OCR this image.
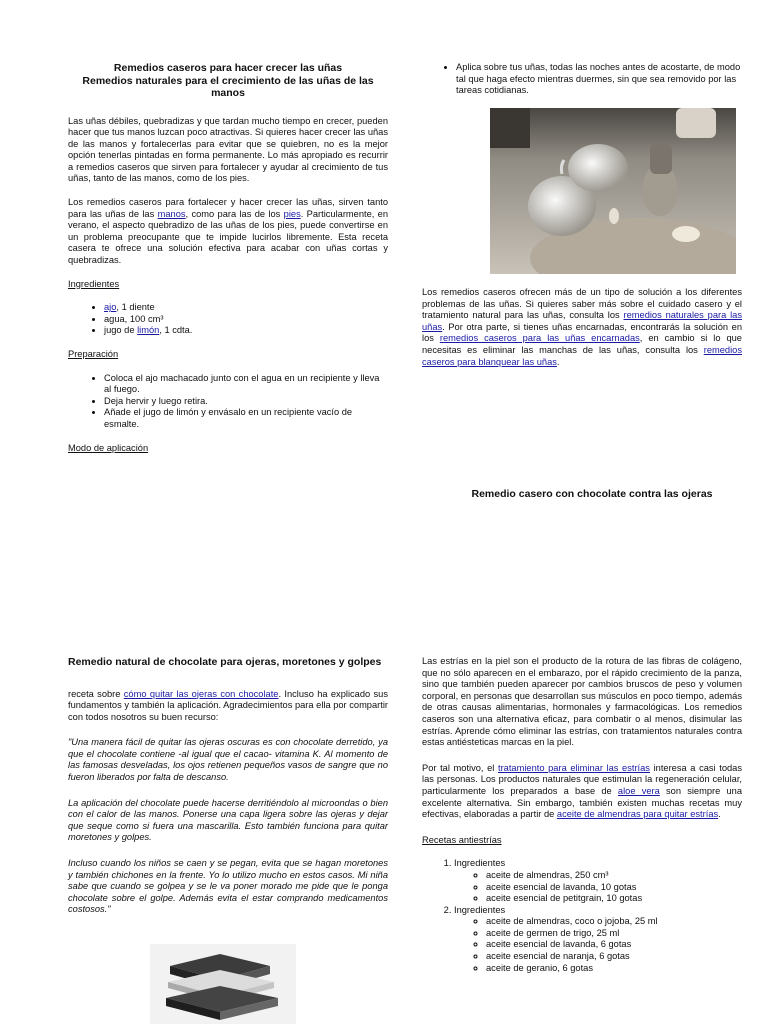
Remedios caseros para hacer crecer las uñas
Remedios naturales para el crecimiento de las uñas de las manos

Las uñas débiles, quebradizas y que tardan mucho tiempo en crecer, pueden hacer que tus manos luzcan poco atractivas. Si quieres hacer crecer las uñas de las manos y fortalecerlas para evitar que se quiebren, no es la mejor opción tenerlas pintadas en forma permanente. Lo más apropiado es recurrir a remedios caseros que sirven para fortalecer y ayudar al crecimiento de tus uñas, tanto de las manos, como de los pies.

Los remedios caseros para fortalecer y hacer crecer las uñas, sirven tanto para las uñas de las manos, como para las de los pies. Particularmente, en verano, el aspecto quebradizo de las uñas de los pies, puede convertirse en un problema preocupante que te impide lucirlos libremente. Esta receta casera te ofrece una solución efectiva para acabar con uñas cortas y quebradizas.

Ingredientes

• ajo, 1 diente
• agua, 100 cm³
• jugo de limón, 1 cdta.

Preparación

• Coloca el ajo machacado junto con el agua en un recipiente y lleva al fuego.
• Deja hervir y luego retira.
• Añade el jugo de limón y envásalo en un recipiente vacío de esmalte.

Modo de aplicación

• Aplica sobre tus uñas, todas las noches antes de acostarte, de modo tal que haga efecto mientras duermes, sin que sea removido por las tareas cotidianas.
Los remedios caseros ofrecen más de un tipo de solución a los diferentes problemas de las uñas. Si quieres saber más sobre el cuidado casero y el tratamiento natural para las uñas, consulta los remedios naturales para las uñas. Por otra parte, si tienes uñas encarnadas, encontrarás la solución en los remedios caseros para las uñas encarnadas, en cambio si lo que necesitas es eliminar las manchas de las uñas, consulta los remedios caseros para blanquear las uñas.
Remedio casero con chocolate contra las ojeras
Remedio natural de chocolate para ojeras, moretones y golpes

receta sobre cómo quitar las ojeras con chocolate. Incluso ha explicado sus fundamentos y también la aplicación. Agradecimientos para ella por compartir con todos nosotros su buen recurso:

"Una manera fácil de quitar las ojeras oscuras es con chocolate derretido, ya que el chocolate contiene -al igual que el cacao- vitamina K. Al momento de las famosas desveladas, los ojos retienen pequeños vasos de sangre que no fueron liberados por falta de descanso.

La aplicación del chocolate puede hacerse derritiéndolo al microondas o bien con el calor de las manos. Ponerse una capa ligera sobre las ojeras y dejar que seque como si fuera una mascarilla. Esto también funciona para quitar moretones y golpes.

Incluso cuando los niños se caen y se pegan, evita que se hagan moretones y también chichones en la frente. Yo lo utilizo mucho en estos casos. Mi niña sabe que cuando se golpea y se le va poner morado me pide que le ponga chocolate sobre el golpe. Además evita el estar comprando medicamentos costosos."

Las estrías en la piel son el producto de la rotura de las fibras de colágeno, que no sólo aparecen en el embarazo, por el rápido crecimiento de la panza, sino que también pueden aparecer por cambios bruscos de peso y volumen corporal, en personas que desarrollan sus músculos en poco tiempo, además de otras causas alimentarias, hormonales y farmacológicas. Los remedios caseros son una alternativa eficaz, para combatir o al menos, disimular las estrías. Aprende cómo eliminar las estrías, con tratamientos naturales contra estas antiésteticas marcas en la piel.

Por tal motivo, el tratamiento para eliminar las estrías interesa a casi todas las personas. Los productos naturales que estimulan la regeneración celular, particularmente los preparados a base de aloe vera son siempre una excelente alternativa. Sin embargo, también existen muchas recetas muy efectivas, elaboradas a partir de aceite de almendras para quitar estrías.

Recetas antiestrías

1. Ingredientes
◦ aceite de almendras, 250 cm³
◦ aceite esencial de lavanda, 10 gotas
◦ aceite esencial de petitgrain, 10 gotas
2. Ingredientes
◦ aceite de almendras, coco o jojoba, 25 ml
◦ aceite de germen de trigo, 25 ml
◦ aceite esencial de lavanda, 6 gotas
◦ aceite esencial de naranja, 6 gotas
◦ aceite de geranio, 6 gotas
